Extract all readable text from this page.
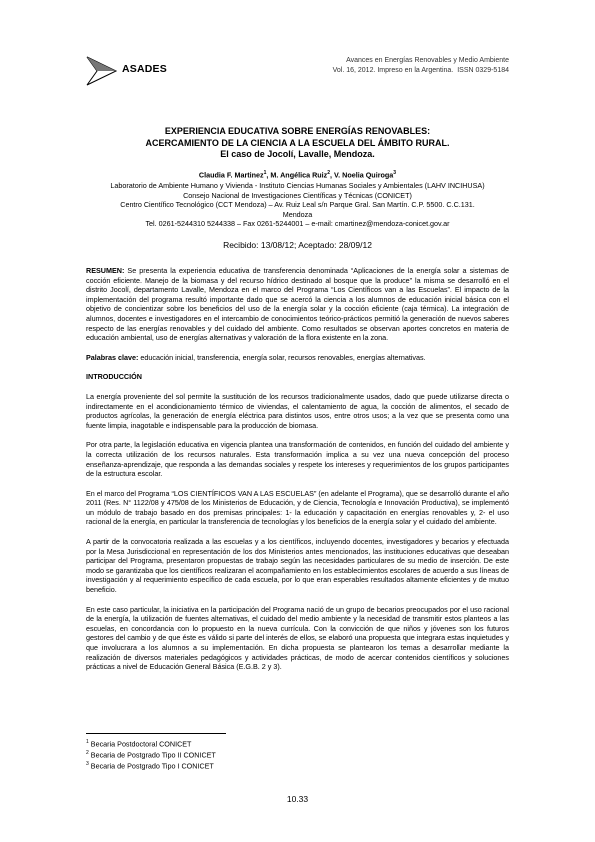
ASADES
Avances en Energías Renovables y Medio Ambiente
Vol. 16, 2012. Impreso en la Argentina. ISSN 0329-5184
EXPERIENCIA EDUCATIVA SOBRE ENERGÍAS RENOVABLES:
ACERCAMIENTO DE LA CIENCIA A LA ESCUELA DEL ÁMBITO RURAL.
El caso de Jocolí, Lavalle, Mendoza.
Claudia F. Martinez$^1$, M. Angélica Ruiz$^2$, V. Noelia Quiroga$^3$
Laboratorio de Ambiente Humano y Vivienda - Instituto Ciencias Humanas Sociales y Ambientales (LAHV INCIHUSA)
Consejo Nacional de Investigaciones Científicas y Técnicas (CONICET)
Centro Científico Tecnológico (CCT Mendoza) – Av. Ruiz Leal s/n Parque Gral. San Martín. C.P. 5500. C.C.131.
Mendoza
Tel. 0261-5244310 5244338 – Fax 0261-5244001 – e-mail: cmartinez@mendoza-conicet.gov.ar
Recibido: 13/08/12; Aceptado: 28/09/12

RESUMEN: Se presenta la experiencia educativa de transferencia denominada “Aplicaciones de la energía solar a sistemas de cocción eficiente. Manejo de la biomasa y del recurso hídrico destinado al bosque que la produce” la misma se desarrolló en el distrito Jocolí, departamento Lavalle, Mendoza en el marco del Programa “Los Científicos van a las Escuelas”. El impacto de la implementación del programa resultó importante dado que se acercó la ciencia a los alumnos de educación inicial básica con el objetivo de concientizar sobre los beneficios del uso de la energía solar y la cocción eficiente (caja térmica). La integración de alumnos, docentes e investigadores en el intercambio de conocimientos teórico-prácticos permitió la generación de nuevos saberes respecto de las energías renovables y del cuidado del ambiente. Como resultados se observan aportes concretos en materia de educación ambiental, uso de energías alternativas y valoración de la flora existente en la zona.

Palabras clave: educación inicial, transferencia, energía solar, recursos renovables, energías alternativas.

INTRODUCCIÓN

La energía proveniente del sol permite la sustitución de los recursos tradicionalmente usados, dado que puede utilizarse directa o indirectamente en el acondicionamiento térmico de viviendas, el calentamiento de agua, la cocción de alimentos, el secado de productos agrícolas, la generación de energía eléctrica para distintos usos, entre otros usos; a la vez que se presenta como una fuente limpia, inagotable e indispensable para la producción de biomasa.

Por otra parte, la legislación educativa en vigencia plantea una transformación de contenidos, en función del cuidado del ambiente y la correcta utilización de los recursos naturales. Esta transformación implica a su vez una nueva concepción del proceso enseñanza-aprendizaje, que responda a las demandas sociales y respete los intereses y requerimientos de los grupos participantes de la estructura escolar.

En el marco del Programa “LOS CIENTÍFICOS VAN A LAS ESCUELAS” (en adelante el Programa), que se desarrolló durante el año 2011 (Res. N° 1122/08 y 475/08 de los Ministerios de Educación, y de Ciencia, Tecnología e Innovación Productiva), se implementó un módulo de trabajo basado en dos premisas principales: 1- la educación y capacitación en energías renovables y, 2- el uso racional de la energía, en particular la transferencia de tecnologías y los beneficios de la energía solar y el cuidado del ambiente.

A partir de la convocatoria realizada a las escuelas y a los científicos, incluyendo docentes, investigadores y becarios y efectuada por la Mesa Jurisdiccional en representación de los dos Ministerios antes mencionados, las instituciones educativas que deseaban participar del Programa, presentaron propuestas de trabajo según las necesidades particulares de su medio de inserción. De este modo se garantizaba que los científicos realizaran el acompañamiento en los establecimientos escolares de acuerdo a sus líneas de investigación y al requerimiento específico de cada escuela, por lo que eran esperables resultados altamente eficientes y de mutuo beneficio.

En este caso particular, la iniciativa en la participación del Programa nació de un grupo de becarios preocupados por el uso racional de la energía, la utilización de fuentes alternativas, el cuidado del medio ambiente y la necesidad de transmitir estos planteos a las escuelas, en concordancia con lo propuesto en la nueva currícula. Con la convicción de que niños y jóvenes son los futuros gestores del cambio y de que éste es válido si parte del interés de ellos, se elaboró una propuesta que integrara estas inquietudes y que involucrara a los alumnos a su implementación. En dicha propuesta se plantearon los temas a desarrollar mediante la realización de diversos materiales pedagógicos y actividades prácticas, de modo de acercar contenidos científicos y soluciones prácticas a nivel de Educación General Básica (E.G.B. 2 y 3).

$^1$ Becaria Postdoctoral CONICET
$^2$ Becaria de Postgrado Tipo II CONICET
$^3$ Becaria de Postgrado Tipo I CONICET
10.33
